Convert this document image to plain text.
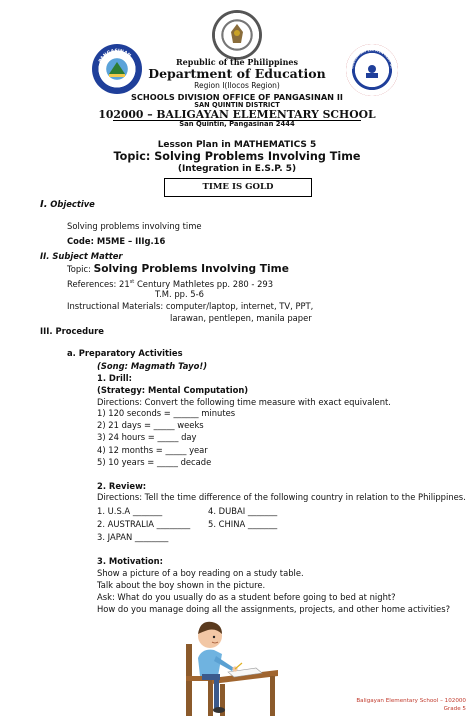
KAGAWARAN NG EDUKA
PANGASINAN
1995
BALIGAYAN ELEMENTARY SC
Republic of the Philippines
Department of Education
Region I(Ilocos Region)
SCHOOLS DIVISION OFFICE OF PANGASINAN II
SAN QUINTIN DISTRICT
102000 – BALIGAYAN ELEMENTARY SCHOOL
San Quintin, Pangasinan 2444
Lesson Plan in MATHEMATICS 5
Topic: Solving Problems Involving Time
(Integration in E.S.P. 5)
TIME IS GOLD
I. Objective
Solving problems involving time
Code: M5ME – IIIg.16
II. Subject Matter
Topic: Solving Problems Involving Time
References: 21st Century Mathletes pp. 280 - 293
T.M. pp. 5-6
Instructional Materials: computer/laptop, internet, TV, PPT,
larawan, pentlepen, manila paper
III. Procedure
a. Preparatory Activities
(Song: Magmath Tayo!)
1. Drill:
(Strategy: Mental Computation)
Directions: Convert the following time measure with exact equivalent.
1) 120 seconds = ______ minutes
2) 21 days = _____ weeks
3) 24 hours = _____ day
4) 12 months = _____ year
5) 10 years = _____ decade
2. Review:
Directions: Tell the time difference of the following country in relation to the Philippines.
1. U.S.A _______
2. AUSTRALIA ________
3. JAPAN ________
4. DUBAI _______
5. CHINA _______
3. Motivation:
Show a picture of a boy reading on a study table.
Talk about the boy shown in the picture.
Ask: What do you usually do as a student before going to bed at night?
How do you manage doing all the assignments, projects, and other home activities?
Baligayan Elementary School – 102000
Grade 5
